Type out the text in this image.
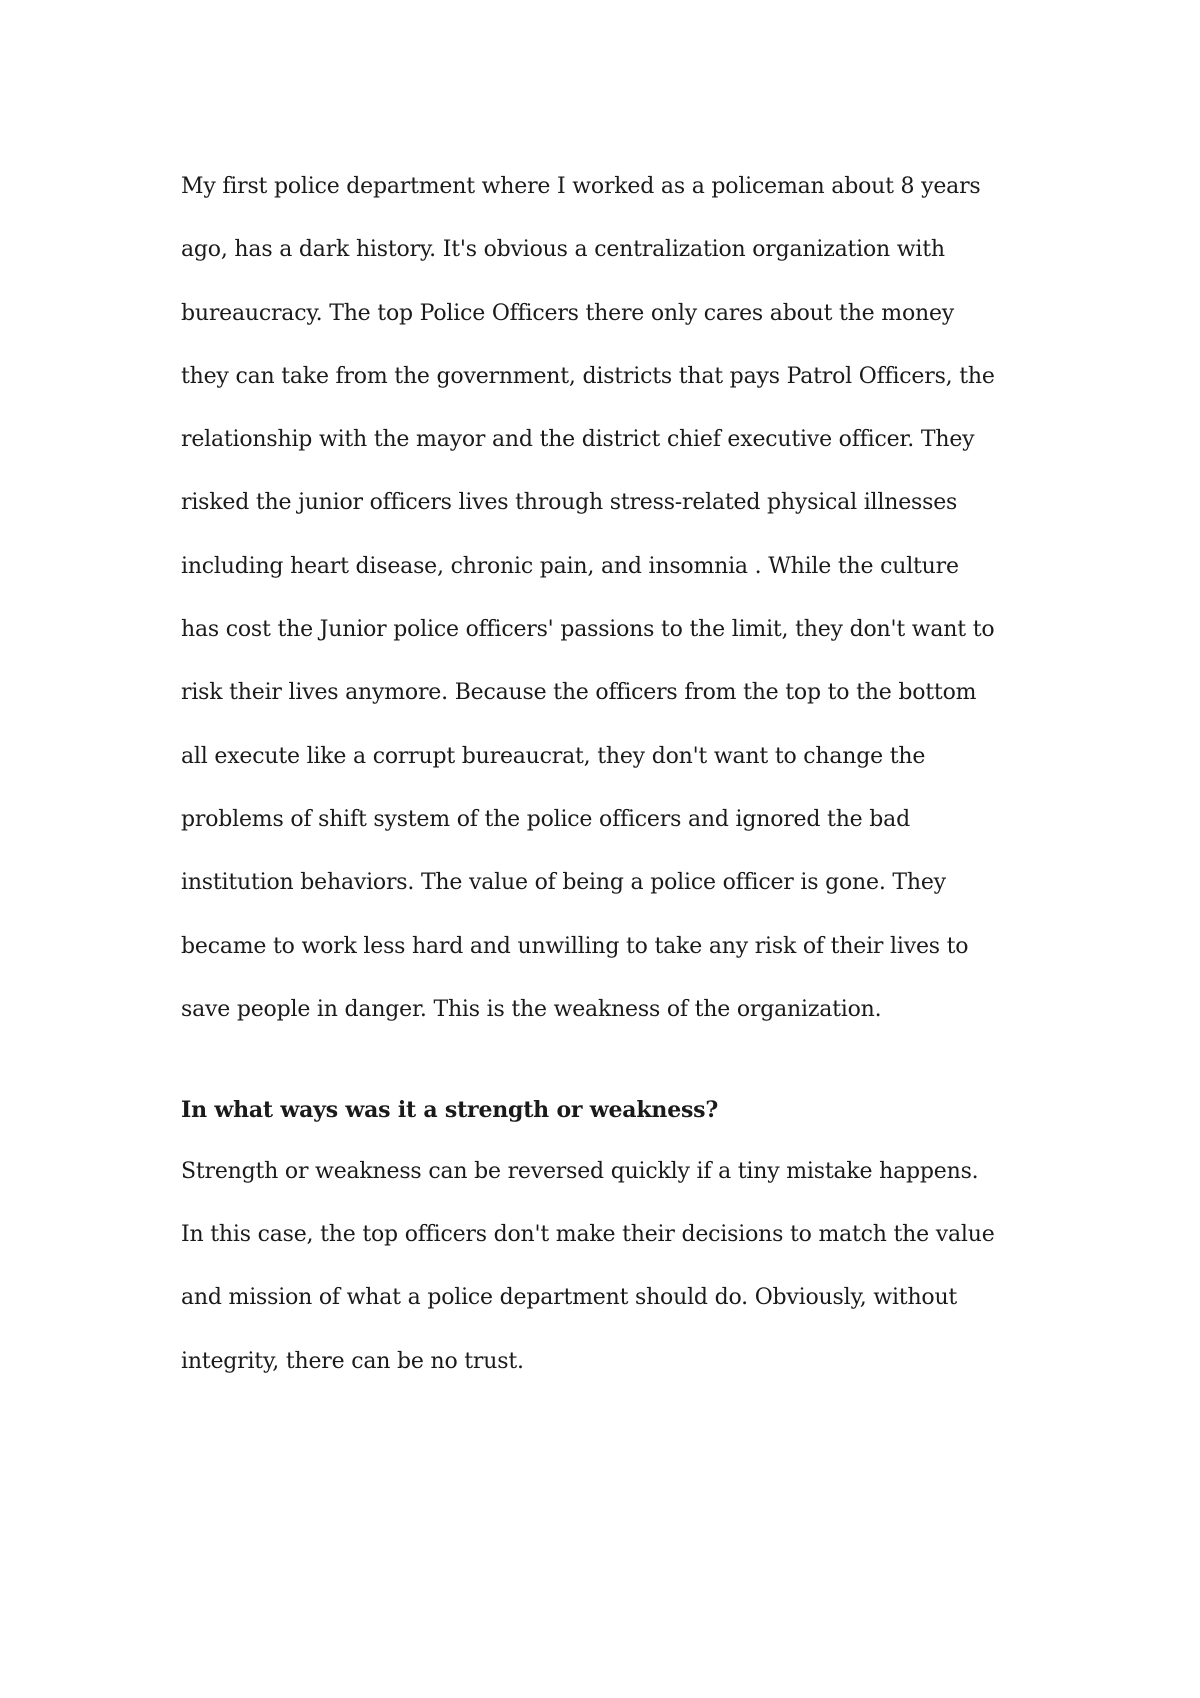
My first police department where I worked as a policeman about 8 years
ago, has a dark history. It's obvious a centralization organization with
bureaucracy. The top Police Officers there only cares about the money
they can take from the government, districts that pays Patrol Officers, the
relationship with the mayor and the district chief executive officer. They
risked the junior officers lives through stress-related physical illnesses
including heart disease, chronic pain, and insomnia . While the culture
has cost the Junior police officers' passions to the limit, they don't want to
risk their lives anymore. Because the officers from the top to the bottom
all execute like a corrupt bureaucrat, they don't want to change the
problems of shift system of the police officers and ignored the bad
institution behaviors. The value of being a police officer is gone. They
became to work less hard and unwilling to take any risk of their lives to
save people in danger. This is the weakness of the organization.
In what ways was it a strength or weakness?
Strength or weakness can be reversed quickly if a tiny mistake happens.
In this case, the top officers don't make their decisions to match the value
and mission of what a police department should do. Obviously, without
integrity, there can be no trust.
